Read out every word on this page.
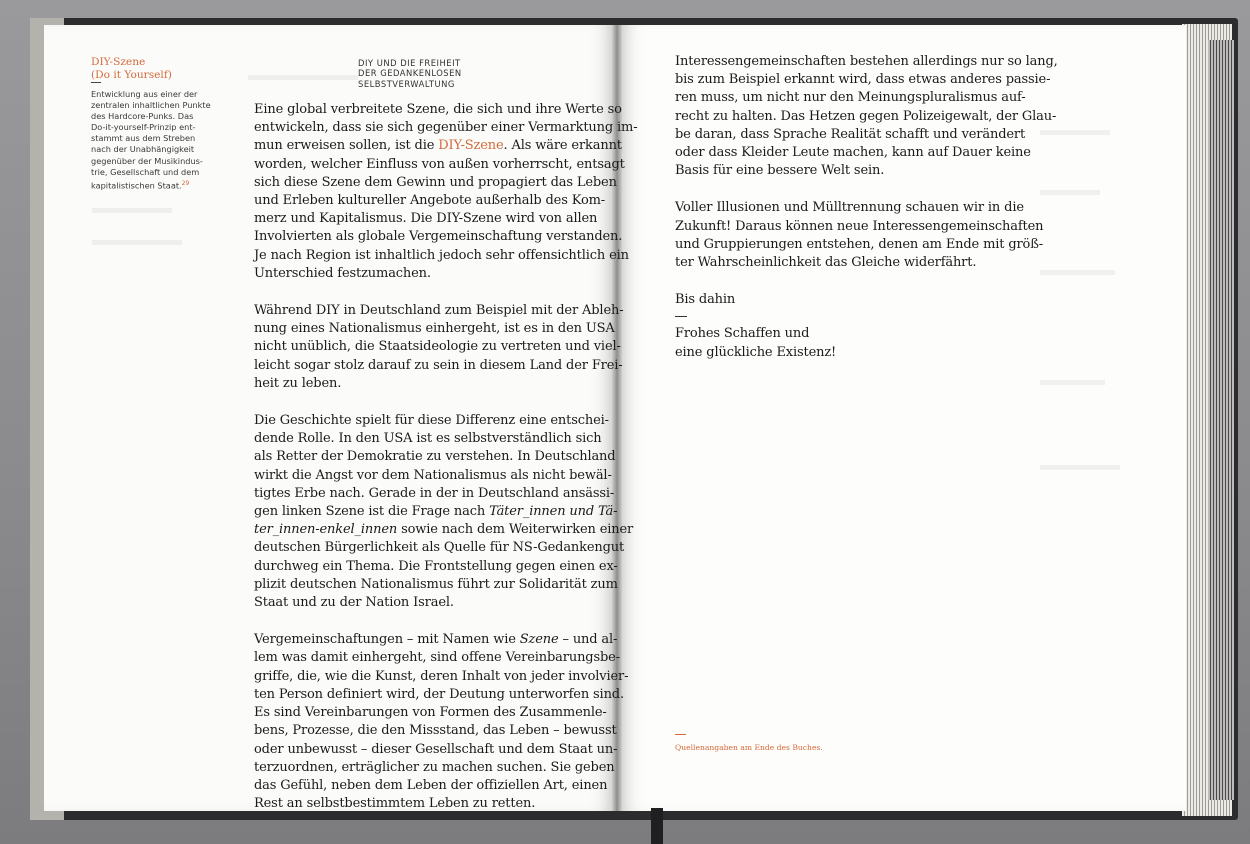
DIY-Szene
(Do it Yourself)
Entwicklung aus einer der
zentralen inhaltlichen Punkte
des Hardcore-Punks. Das
Do-it-yourself-Prinzip ent-
stammt aus dem Streben
nach der Unabhängigkeit
gegenüber der Musikindus-
trie, Gesellschaft und dem
kapitalistischen Staat.$^{29}$
DIY UND DIE FREIHEIT
DER GEDANKENLOSEN
SELBSTVERWALTUNG

Eine global verbreitete Szene, die sich und ihre Werte so
entwickeln, dass sie sich gegenüber einer Vermarktung im-
mun erweisen sollen, ist die DIY-Szene. Als wäre erkannt
worden, welcher Einfluss von außen vorherrscht, entsagt
sich diese Szene dem Gewinn und propagiert das Leben
und Erleben kultureller Angebote außerhalb des Kom-
merz und Kapitalismus. Die DIY-Szene wird von allen
Involvierten als globale Vergemeinschaftung verstanden.
Je nach Region ist inhaltlich jedoch sehr offensichtlich ein
Unterschied festzumachen.

Während DIY in Deutschland zum Beispiel mit der Ableh-
nung eines Nationalismus einhergeht, ist es in den USA
nicht unüblich, die Staatsideologie zu vertreten und viel-
leicht sogar stolz darauf zu sein in diesem Land der Frei-
heit zu leben.

Die Geschichte spielt für diese Differenz eine entschei-
dende Rolle. In den USA ist es selbstverständlich sich
als Retter der Demokratie zu verstehen. In Deutschland
wirkt die Angst vor dem Nationalismus als nicht bewäl-
tigtes Erbe nach. Gerade in der in Deutschland ansässi-
gen linken Szene ist die Frage nach Täter_innen und Tä-
ter_innen-enkel_innen sowie nach dem Weiterwirken einer
deutschen Bürgerlichkeit als Quelle für NS-Gedankengut
durchweg ein Thema. Die Frontstellung gegen einen ex-
plizit deutschen Nationalismus führt zur Solidarität zum
Staat und zu der Nation Israel.

Vergemeinschaftungen – mit Namen wie Szene – und al-
lem was damit einhergeht, sind offene Vereinbarungsbe-
griffe, die, wie die Kunst, deren Inhalt von jeder involvier-
ten Person definiert wird, der Deutung unterworfen sind.
Es sind Vereinbarungen von Formen des Zusammenle-
bens, Prozesse, die den Missstand, das Leben – bewusst
oder unbewusst – dieser Gesellschaft und dem Staat un-
terzuordnen, erträglicher zu machen suchen. Sie geben
das Gefühl, neben dem Leben der offiziellen Art, einen
Rest an selbstbestimmtem Leben zu retten.

Interessengemeinschaften bestehen allerdings nur so lang,
bis zum Beispiel erkannt wird, dass etwas anderes passie-
ren muss, um nicht nur den Meinungspluralismus auf-
recht zu halten. Das Hetzen gegen Polizeigewalt, der Glau-
be daran, dass Sprache Realität schafft und verändert
oder dass Kleider Leute machen, kann auf Dauer keine
Basis für eine bessere Welt sein.

Voller Illusionen und Mülltrennung schauen wir in die
Zukunft! Daraus können neue Interessengemeinschaften
und Gruppierungen entstehen, denen am Ende mit größ-
ter Wahrscheinlichkeit das Gleiche widerfährt.

Bis dahin

Frohes Schaffen und
eine glückliche Existenz!

Quellenangaben am Ende des Buches.
